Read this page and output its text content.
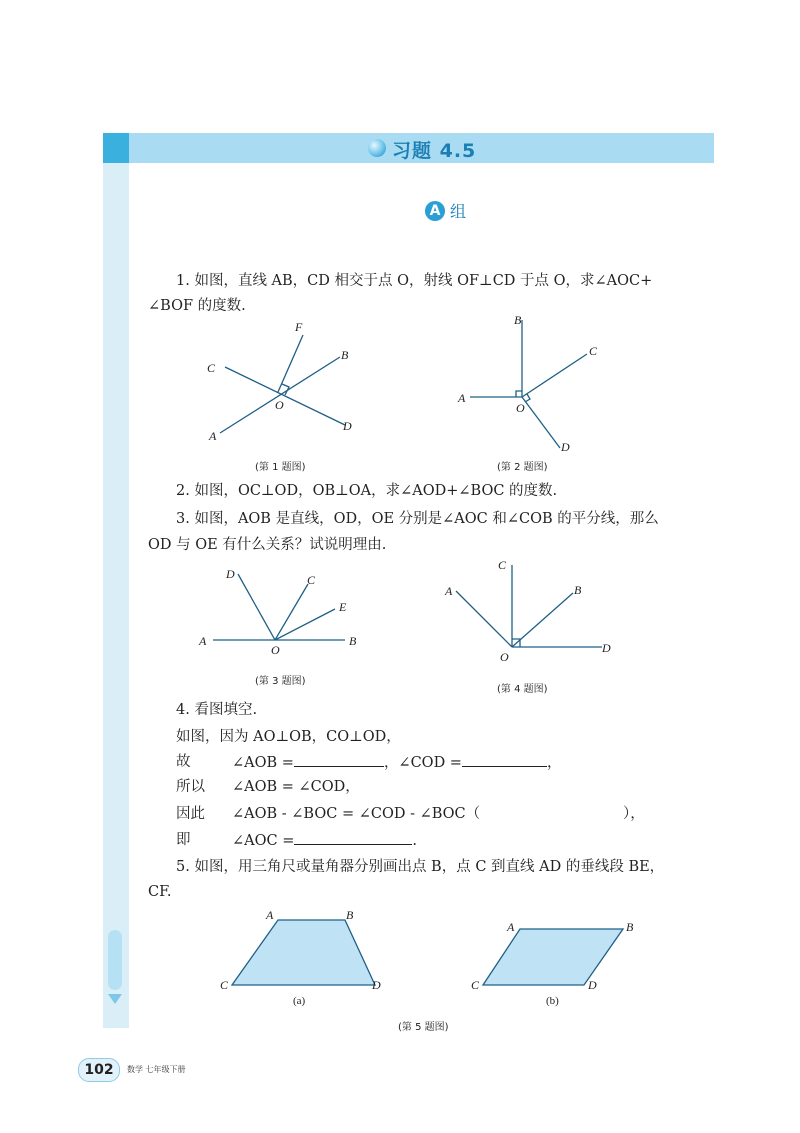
习题 4.5
A 组
1. 如图，直线 AB，CD 相交于点 O，射线 OF⊥CD 于点 O，求∠AOC+
∠BOF 的度数.
F
B
C
O
A
D
(第 1 题图)
B
C
A
O
D
(第 2 题图)
2. 如图，OC⊥OD，OB⊥OA，求∠AOD+∠BOC 的度数.
3. 如图，AOB 是直线，OD，OE 分别是∠AOC 和∠COB 的平分线，那么
OD 与 OE 有什么关系？试说明理由.
D	C
E
A
O
B
(第 3 题图)
C
A	B
O
D
(第 4 题图)
4. 看图填空.
如图，因为 AO⊥OB，CO⊥OD，
故	∠AOB =	，∠COD =	，
所以 ∠AOB = ∠COD，
因此 ∠AOB - ∠BOC = ∠COD - ∠BOC（	），
即	∠AOC =	.
5. 如图，用三角尺或量角器分别画出点 B，点 C 到直线 AD 的垂线段 BE，
CF.
A	B
C	D
(a)
A	B
C	D
(b)
(第 5 题图)
102	数学 七年级下册
